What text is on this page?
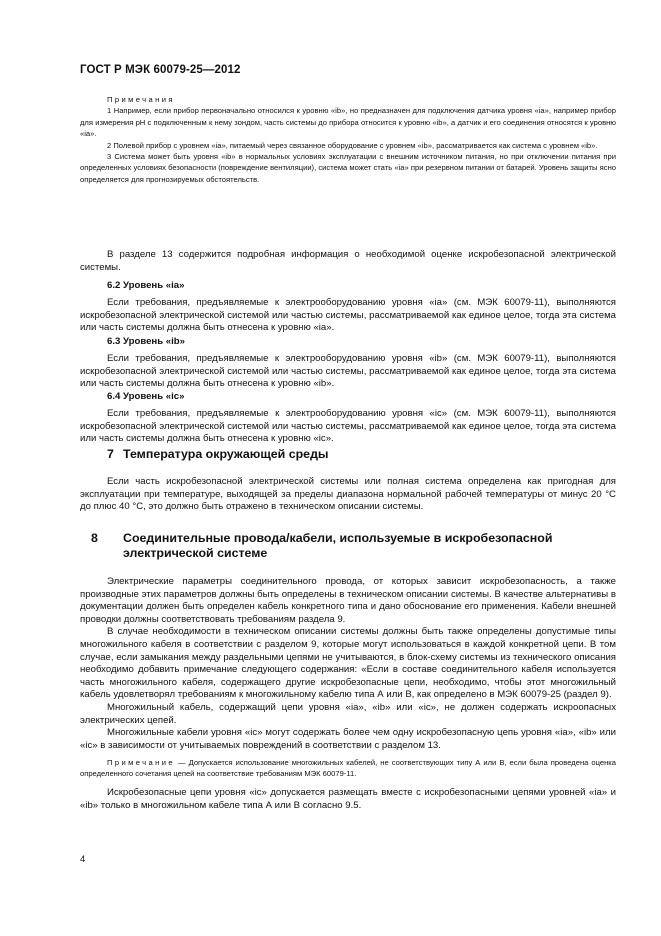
ГОСТ Р МЭК 60079-25—2012

Примечания

1 Например, если прибор первоначально относился к уровню «ib», но предназначен для подключения датчика уровня «ia», например прибор для измерения pH с подключенным к нему зондом, часть системы до прибора относится к уровню «ib», а датчик и его соединения относятся к уровню «ia».

2 Полевой прибор с уровнем «ia», питаемый через связанное оборудование с уровнем «ib», рассматривается как система с уровнем «ib».

3 Система может быть уровня «ib» в нормальных условиях эксплуатации с внешним источником питания, но при отключении питания при определенных условиях безопасности (повреждение вентиляции), система может стать «ia» при резервном питании от батарей. Уровень защиты ясно определяется для прогнозируемых обстоятельств.

В разделе 13 содержится подробная информация о необходимой оценке искробезопасной электрической системы.

6.2 Уровень «ia»

Если требования, предъявляемые к электрооборудованию уровня «ia» (см. МЭК 60079-11), выполняются искробезопасной электрической системой или частью системы, рассматриваемой как единое целое, тогда эта система или часть системы должна быть отнесена к уровню «ia».

6.3 Уровень «ib»

Если требования, предъявляемые к электрооборудованию уровня «ib» (см. МЭК 60079-11), выполняются искробезопасной электрической системой или частью системы, рассматриваемой как единое целое, тогда эта система или часть системы должна быть отнесена к уровню «ib».

6.4 Уровень «ic»

Если требования, предъявляемые к электрооборудованию уровня «ic» (см. МЭК 60079-11), выполняются искробезопасной электрической системой или частью системы, рассматриваемой как единое целое, тогда эта система или часть системы должна быть отнесена к уровню «ic».

7 Температура окружающей среды

Если часть искробезопасной электрической системы или полная система определена как пригодная для эксплуатации при температуре, выходящей за пределы диапазона нормальной рабочей температуры от минус 20 °С до плюс 40 °С, это должно быть отражено в техническом описании системы.

8 Соединительные провода/кабели, используемые в искробезопасной электрической системе

Электрические параметры соединительного провода, от которых зависит искробезопасность, а также производные этих параметров должны быть определены в техническом описании системы. В качестве альтернативы в документации должен быть определен кабель конкретного типа и дано обоснование его применения. Кабели внешней проводки должны соответствовать требованиям раздела 9.

В случае необходимости в техническом описании системы должны быть также определены допустимые типы многожильного кабеля в соответствии с разделом 9, которые могут использоваться в каждой конкретной цепи. В том случае, если замыкания между раздельными цепями не учитываются, в блок-схему системы из технического описания необходимо добавить примечание следующего содержания: «Если в составе соединительного кабеля используется часть многожильного кабеля, содержащего другие искробезопасные цепи, необходимо, чтобы этот многожильный кабель удовлетворял требованиям к многожильному кабелю типа А или В, как определено в МЭК 60079-25 (раздел 9).

Многожильный кабель, содержащий цепи уровня «ia», «ib» или «ic», не должен содержать искроопасных электрических цепей.

Многожильные кабели уровня «ic» могут содержать более чем одну искробезопасную цепь уровня «ia», «ib» или «ic» в зависимости от учитываемых повреждений в соответствии с разделом 13.

Примечание — Допускается использование многожильных кабелей, не соответствующих типу А или В, если была проведена оценка определенного сочетания цепей на соответствие требованиям МЭК 60079-11.

Искробезопасные цепи уровня «ic» допускается размещать вместе с искробезопасными цепями уровней «ia» и «ib» только в многожильном кабеле типа А или В согласно 9.5.

4
